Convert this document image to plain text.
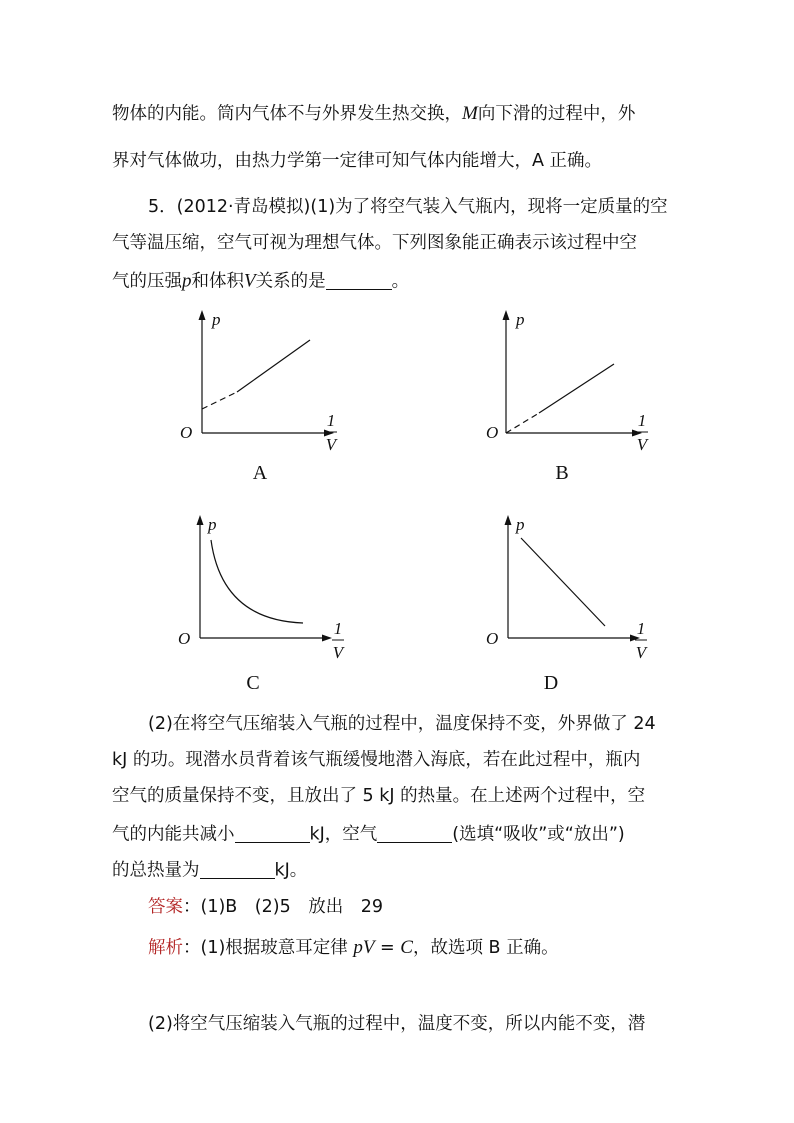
物体的内能。筒内气体不与外界发生热交换，M向下滑的过程中，外
界对气体做功，由热力学第一定律可知气体内能增大，A 正确。
5．(2012·青岛模拟)(1)为了将空气装入气瓶内，现将一定质量的空
气等温压缩，空气可视为理想气体。下列图象能正确表示该过程中空
气的压强p和体积V关系的是	。
p
O
1
V
A
p
O
1
V
B
p
O
1
V
C
p
O
1
V
D
(2)在将空气压缩装入气瓶的过程中，温度保持不变，外界做了 24
kJ 的功。现潜水员背着该气瓶缓慢地潜入海底，若在此过程中，瓶内
空气的质量保持不变，且放出了 5 kJ 的热量。在上述两个过程中，空
气的内能共减小	kJ，空气	(选填“吸收”或“放出”)
的总热量为	kJ。
答案：(1)B　(2)5　放出　29
解析：(1)根据玻意耳定律 pV = C，故选项 B 正确。
(2)将空气压缩装入气瓶的过程中，温度不变，所以内能不变，潜
